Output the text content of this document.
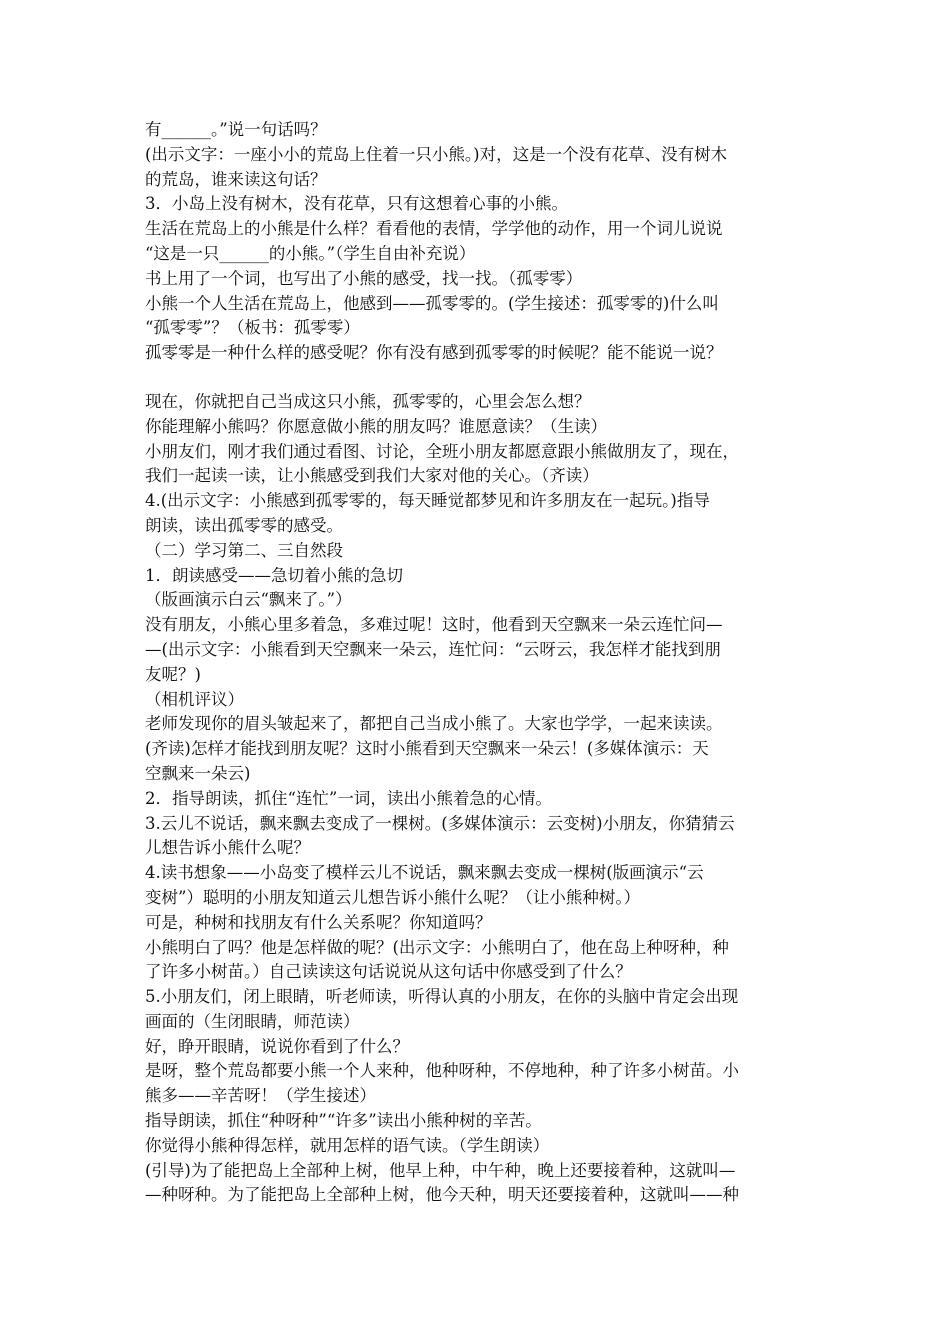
有______。”说一句话吗？
(出示文字：一座小小的荒岛上住着一只小熊。)对，这是一个没有花草、没有树木
的荒岛，谁来读这句话？
3．小岛上没有树木，没有花草，只有这想着心事的小熊。
生活在荒岛上的小熊是什么样？看看他的表情，学学他的动作，用一个词儿说说
“这是一只______的小熊。”（学生自由补充说）
书上用了一个词，也写出了小熊的感受，找一找。（孤零零）
小熊一个人生活在荒岛上，他感到——孤零零的。(学生接述：孤零零的)什么叫
“孤零零”？（板书：孤零零）
孤零零是一种什么样的感受呢？你有没有感到孤零零的时候呢？能不能说一说？
现在，你就把自己当成这只小熊，孤零零的，心里会怎么想？
你能理解小熊吗？你愿意做小熊的朋友吗？谁愿意读？（生读）
小朋友们，刚才我们通过看图、讨论，全班小朋友都愿意跟小熊做朋友了，现在，
我们一起读一读，让小熊感受到我们大家对他的关心。（齐读）
4.(出示文字：小熊感到孤零零的，每天睡觉都梦见和许多朋友在一起玩。)指导
朗读，读出孤零零的感受。
（二）学习第二、三自然段
1．朗读感受——急切着小熊的急切
（版画演示白云“飘来了。”）
没有朋友，小熊心里多着急，多难过呢！这时，他看到天空飘来一朵云连忙问—
—(出示文字：小熊看到天空飘来一朵云，连忙问：“云呀云，我怎样才能找到朋
友呢？)
（相机评议）
老师发现你的眉头皱起来了，都把自己当成小熊了。大家也学学，一起来读读。
(齐读)怎样才能找到朋友呢？这时小熊看到天空飘来一朵云！(多媒体演示：天
空飘来一朵云)
2．指导朗读，抓住“连忙”一词，读出小熊着急的心情。
3.云儿不说话，飘来飘去变成了一棵树。(多媒体演示：云变树)小朋友，你猜猜云
儿想告诉小熊什么呢？
4.读书想象——小岛变了模样云儿不说话，飘来飘去变成一棵树(版画演示“云
变树”）聪明的小朋友知道云儿想告诉小熊什么呢？（让小熊种树。）
可是，种树和找朋友有什么关系呢？你知道吗？
小熊明白了吗？他是怎样做的呢？(出示文字：小熊明白了，他在岛上种呀种，种
了许多小树苗。）自己读读这句话说说从这句话中你感受到了什么？
5.小朋友们，闭上眼睛，听老师读，听得认真的小朋友，在你的头脑中肯定会出现
画面的（生闭眼睛，师范读）
好，睁开眼睛，说说你看到了什么？
是呀，整个荒岛都要小熊一个人来种，他种呀种，不停地种，种了许多小树苗。小
熊多——辛苦呀！（学生接述）
指导朗读，抓住“种呀种”“许多”读出小熊种树的辛苦。
你觉得小熊种得怎样，就用怎样的语气读。（学生朗读）
(引导)为了能把岛上全部种上树，他早上种，中午种，晚上还要接着种，这就叫—
—种呀种。为了能把岛上全部种上树，他今天种，明天还要接着种，这就叫——种
